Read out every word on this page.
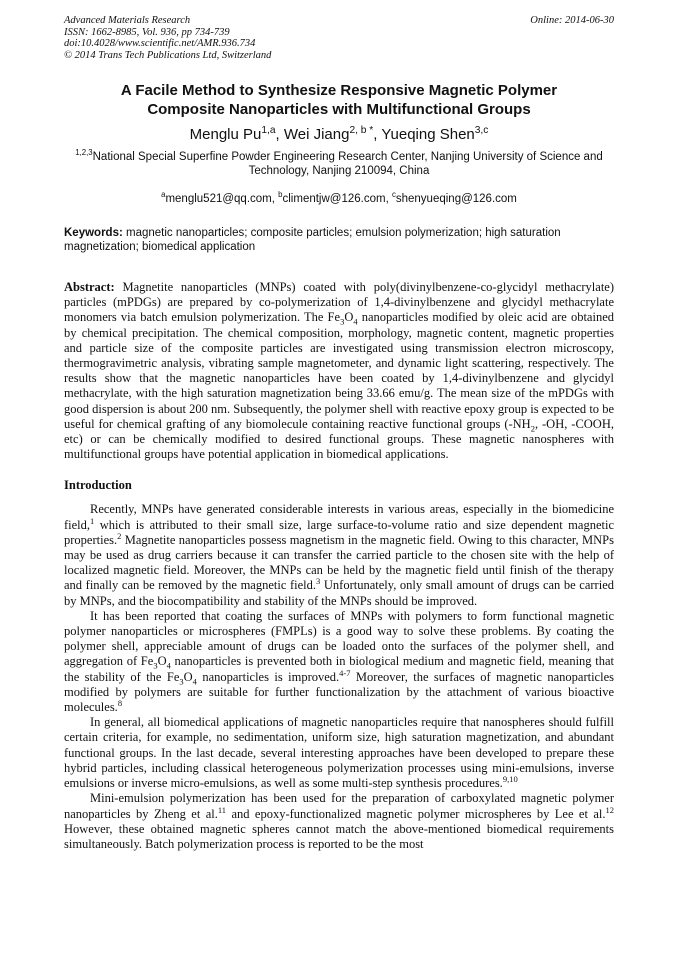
Advanced Materials Research
ISSN: 1662-8985, Vol. 936, pp 734-739
doi:10.4028/www.scientific.net/AMR.936.734
© 2014 Trans Tech Publications Ltd, Switzerland
Online: 2014-06-30
A Facile Method to Synthesize Responsive Magnetic Polymer
Composite Nanoparticles with Multifunctional Groups
Menglu Pu$^{1,a}$, Wei Jiang$^{2, b *}$, Yueqing Shen$^{3,c}$
$^{1,2,3}$National Special Superfine Powder Engineering Research Center, Nanjing University of Science and Technology, Nanjing 210094, China
$^a$menglu521@qq.com, $^b$climentjw@126.com, $^c$shenyueqing@126.com
Keywords: magnetic nanoparticles; composite particles; emulsion polymerization; high saturation magnetization; biomedical application
Abstract: Magnetite nanoparticles (MNPs) coated with poly(divinylbenzene-co-glycidyl methacrylate) particles (mPDGs) are prepared by co-polymerization of 1,4-divinylbenzene and glycidyl methacrylate monomers via batch emulsion polymerization. The $Fe_3O_4$ nanoparticles modified by oleic acid are obtained by chemical precipitation. The chemical composition, morphology, magnetic content, magnetic properties and particle size of the composite particles are investigated using transmission electron microscopy, thermogravimetric analysis, vibrating sample magnetometer, and dynamic light scattering, respectively. The results show that the magnetic nanoparticles have been coated by 1,4-divinylbenzene and glycidyl methacrylate, with the high saturation magnetization being 33.66 emu/g. The mean size of the mPDGs with good dispersion is about 200 nm. Subsequently, the polymer shell with reactive epoxy group is expected to be useful for chemical grafting of any biomolecule containing reactive functional groups ($-NH_2$, -OH, -COOH, etc) or can be chemically modified to desired functional groups. These magnetic nanospheres with multifunctional groups have potential application in biomedical applications.
Introduction

Recently, MNPs have generated considerable interests in various areas, especially in the biomedicine field,$^1$ which is attributed to their small size, large surface-to-volume ratio and size dependent magnetic properties.$^2$ Magnetite nanoparticles possess magnetism in the magnetic field. Owing to this character, MNPs may be used as drug carriers because it can transfer the carried particle to the chosen site with the help of localized magnetic field. Moreover, the MNPs can be held by the magnetic field until finish of the therapy and finally can be removed by the magnetic field.$^3$ Unfortunately, only small amount of drugs can be carried by MNPs, and the biocompatibility and stability of the MNPs should be improved.

It has been reported that coating the surfaces of MNPs with polymers to form functional magnetic polymer nanoparticles or microspheres (FMPLs) is a good way to solve these problems. By coating the polymer shell, appreciable amount of drugs can be loaded onto the surfaces of the polymer shell, and aggregation of $Fe_3O_4$ nanoparticles is prevented both in biological medium and magnetic field, meaning that the stability of the $Fe_3O_4$ nanoparticles is improved.$^{4-7}$ Moreover, the surfaces of magnetic nanoparticles modified by polymers are suitable for further functionalization by the attachment of various bioactive molecules.$^8$

In general, all biomedical applications of magnetic nanoparticles require that nanospheres should fulfill certain criteria, for example, no sedimentation, uniform size, high saturation magnetization, and abundant functional groups. In the last decade, several interesting approaches have been developed to prepare these hybrid particles, including classical heterogeneous polymerization processes using mini-emulsions, inverse emulsions or inverse micro-emulsions, as well as some multi-step synthesis procedures.$^{9,10}$

Mini-emulsion polymerization has been used for the preparation of carboxylated magnetic polymer nanoparticles by Zheng et al.$^{11}$ and epoxy-functionalized magnetic polymer microspheres by Lee et al.$^{12}$ However, these obtained magnetic spheres cannot match the above-mentioned biomedical requirements simultaneously. Batch polymerization process is reported to be the most
